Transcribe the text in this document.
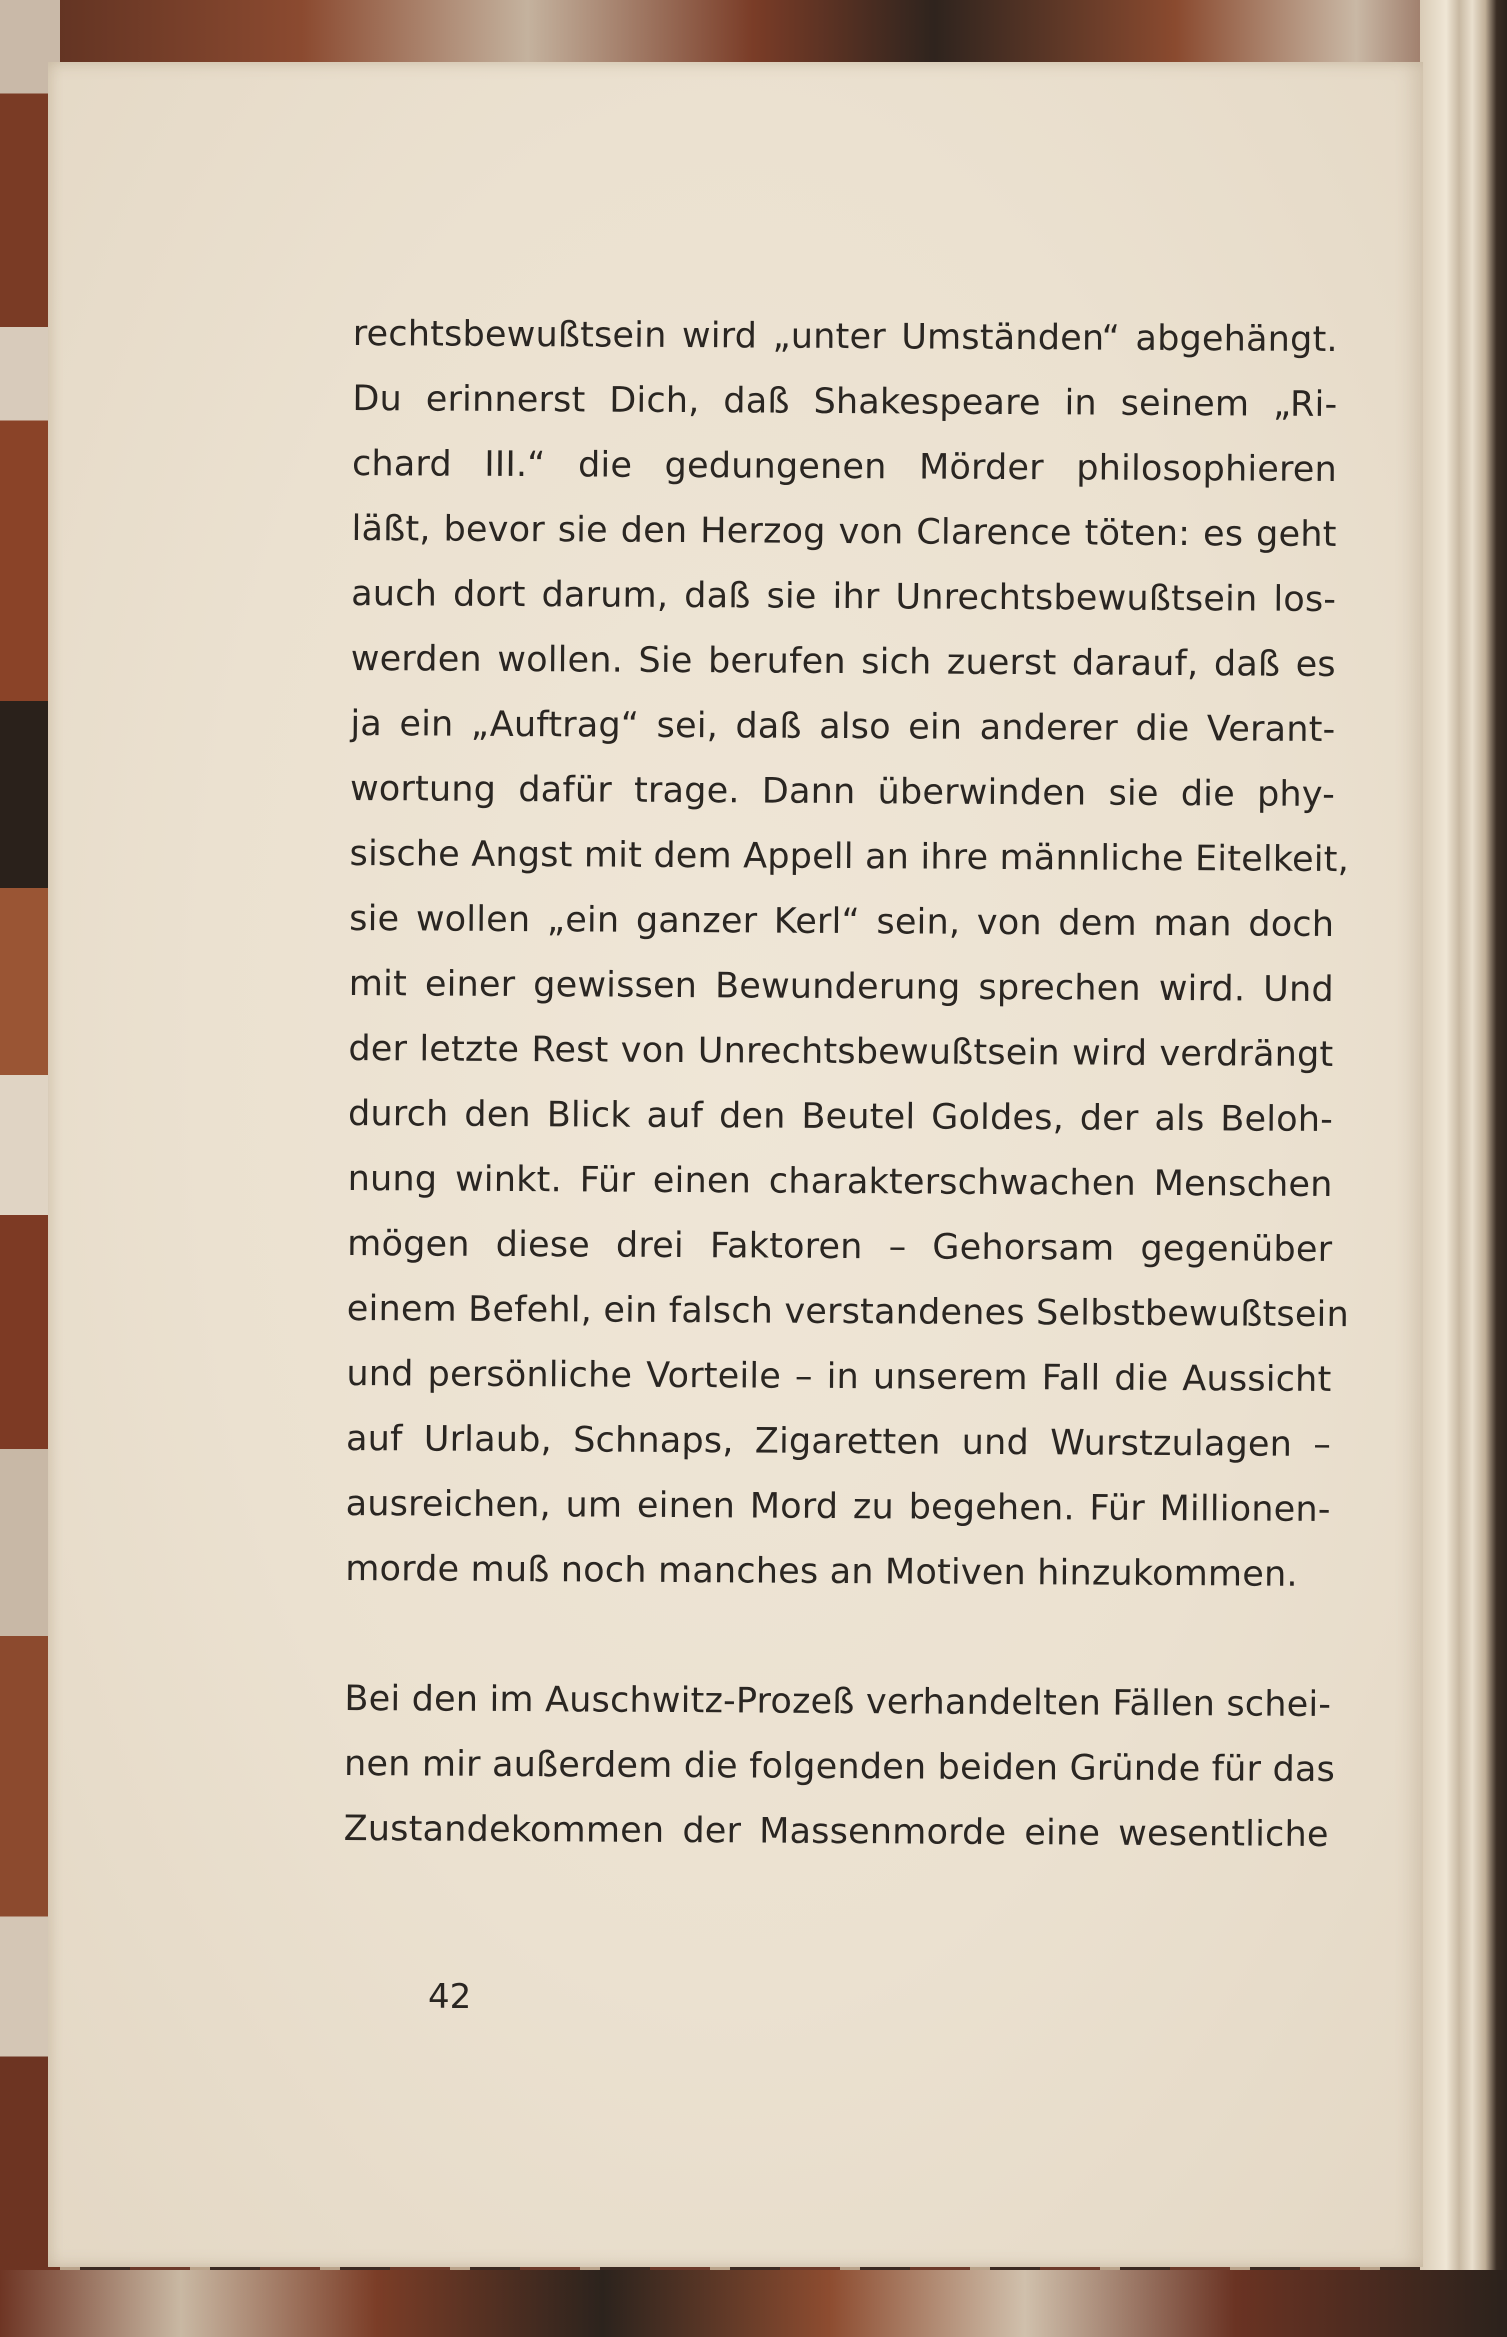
rechtsbewußtsein wird „unter Umständen“ abgehängt.
Du erinnerst Dich, daß Shakespeare in seinem „Ri-
chard III.“ die gedungenen Mörder philosophieren
läßt, bevor sie den Herzog von Clarence töten: es geht
auch dort darum, daß sie ihr Unrechtsbewußtsein los-
werden wollen. Sie berufen sich zuerst darauf, daß es
ja ein „Auftrag“ sei, daß also ein anderer die Verant-
wortung dafür trage. Dann überwinden sie die phy-
sische Angst mit dem Appell an ihre männliche Eitelkeit,
sie wollen „ein ganzer Kerl“ sein, von dem man doch
mit einer gewissen Bewunderung sprechen wird. Und
der letzte Rest von Unrechtsbewußtsein wird verdrängt
durch den Blick auf den Beutel Goldes, der als Beloh-
nung winkt. Für einen charakterschwachen Menschen
mögen diese drei Faktoren – Gehorsam gegenüber
einem Befehl, ein falsch verstandenes Selbstbewußtsein
und persönliche Vorteile – in unserem Fall die Aussicht
auf Urlaub, Schnaps, Zigaretten und Wurstzulagen –
ausreichen, um einen Mord zu begehen. Für Millionen-
morde muß noch manches an Motiven hinzukommen.

Bei den im Auschwitz-Prozeß verhandelten Fällen schei-
nen mir außerdem die folgenden beiden Gründe für das
Zustandekommen der Massenmorde eine wesentliche

42
